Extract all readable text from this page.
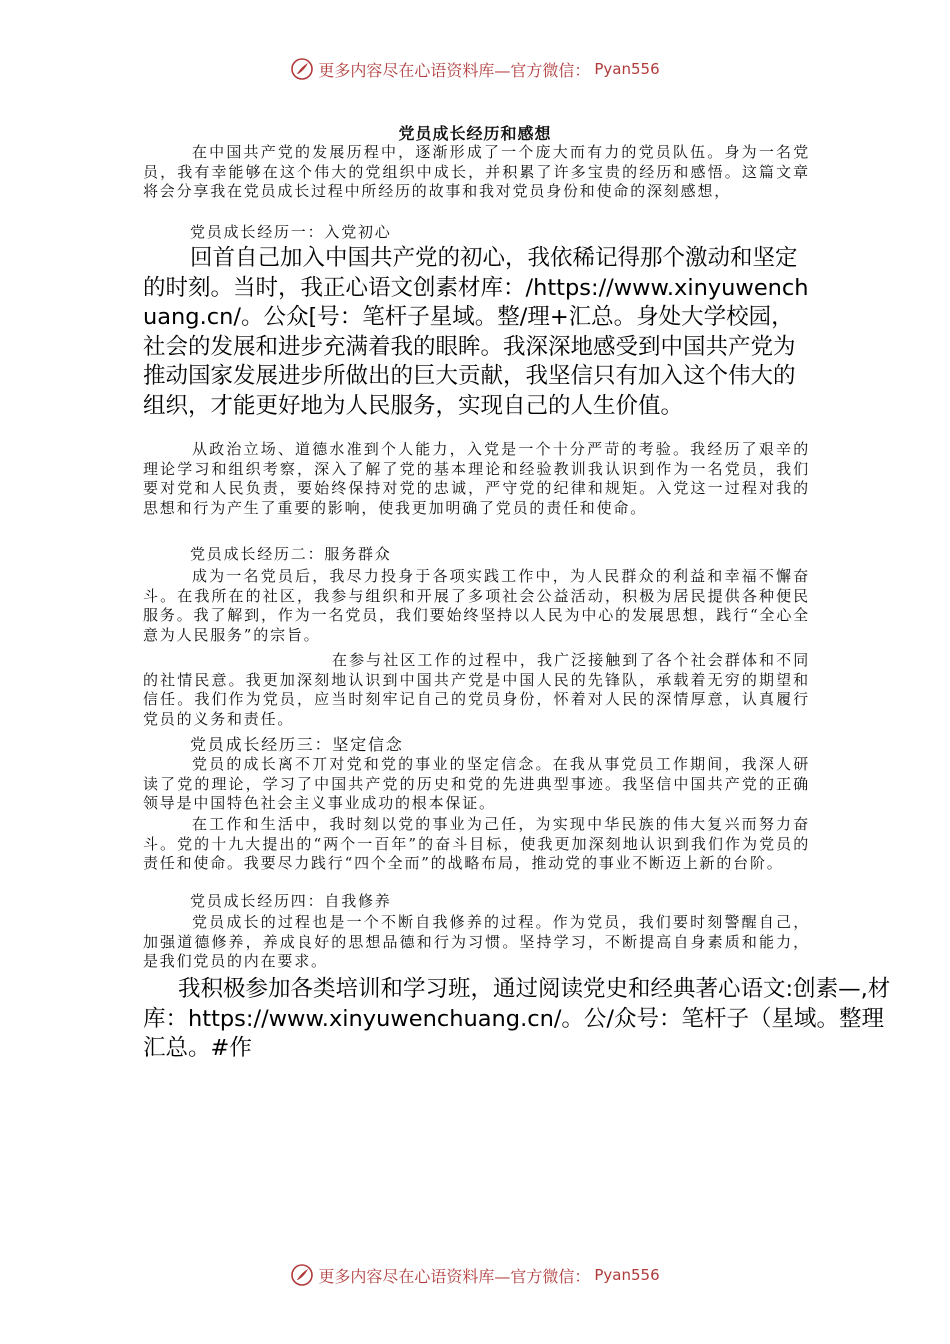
更多内容尽在心语资料库—官方微信： Pyan556
党员成长经历和感想

在中国共产党的发展历程中，逐渐形成了一个庞大而有力的党员队伍。身为一名党员，我有幸能够在这个伟大的党组织中成长，并积累了许多宝贵的经历和感悟。这篇文章将会分享我在党员成长过程中所经历的故事和我对党员身份和使命的深刻感想，

党员成长经历一：入党初心

回首自己加入中国共产党的初心，我依稀记得那个激动和坚定的时刻。当时，我正心语文创素材库：/https://www.xinyuwenchuang.cn/。公众[号：笔杆子星域。整/理+汇总。身处大学校园，社会的发展和进步充满着我的眼眸。我深深地感受到中国共产党为推动国家发展进步所做出的巨大贡献，我坚信只有加入这个伟大的组织，才能更好地为人民服务，实现自己的人生价值。

从政治立场、道德水准到个人能力，入党是一个十分严苛的考验。我经历了艰辛的理论学习和组织考察，深入了解了党的基本理论和经验教训我认识到作为一名党员，我们要对党和人民负责，要始终保持对党的忠诚，严守党的纪律和规矩。入党这一过程对我的思想和行为产生了重要的影响，使我更加明确了党员的责任和使命。

党员成长经历二：服务群众

成为一名党员后，我尽力投身于各项实践工作中，为人民群众的利益和幸福不懈奋斗。在我所在的社区，我参与组织和开展了多项社会公益活动，积极为居民提供各种便民服务。我了解到，作为一名党员，我们要始终坚持以人民为中心的发展思想，践行“全心全意为人民服务”的宗旨。

在参与社区工作的过程中，我广泛接触到了各个社会群体和不同的社情民意。我更加深刻地认识到中国共产党是中国人民的先锋队，承载着无穷的期望和信任。我们作为党员，应当时刻牢记自己的党员身份，怀着对人民的深情厚意，认真履行党员的义务和责任。

党员成长经历三：坚定信念

党员的成长离不丌对党和党的事业的坚定信念。在我从事党员工作期间，我深人研读了党的理论，学习了中国共产党的历史和党的先进典型事迹。我坚信中国共产党的正确领导是中国特色社会主义事业成功的根本保证。

在工作和生活中，我时刻以党的事业为己任，为实现中华民族的伟大复兴而努力奋斗。党的十九大提出的“两个一百年”的奋斗目标，使我更加深刻地认识到我们作为党员的责任和使命。我要尽力践行“四个全而”的战略布局，推动党的事业不断迈上新的台阶。

党员成长经历四：自我修养

党员成长的过程也是一个不断自我修养的过程。作为党员，我们要时刻警醒自己，加强道德修养，养成良好的思想品德和行为习惯。坚持学习，不断提高自身素质和能力，是我们党员的内在要求。

我积极参加各类培训和学习班，通过阅读党史和经典著心语文:创素—,材库：https://www.xinyuwenchuang.cn/。公/众号：笔杆子（星域。整理汇总。#作

更多内容尽在心语资料库—官方微信： Pyan556
